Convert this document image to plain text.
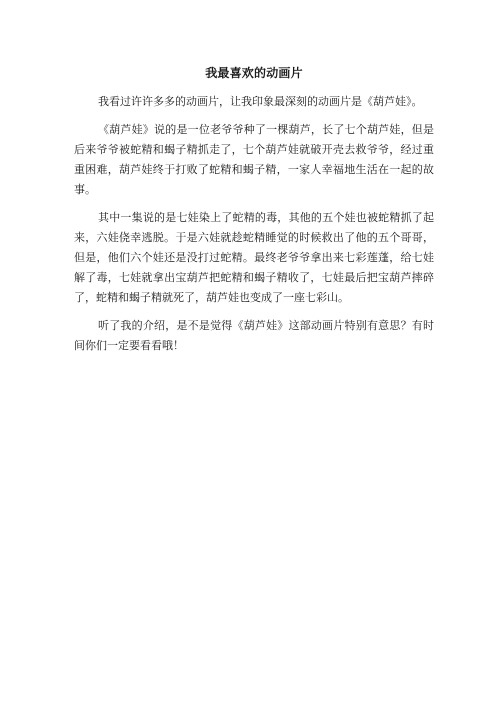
我最喜欢的动画片

我看过许许多多的动画片，让我印象最深刻的动画片是《葫芦娃》。

《葫芦娃》说的是一位老爷爷种了一棵葫芦，长了七个葫芦娃，但是后来爷爷被蛇精和蝎子精抓走了，七个葫芦娃就破开壳去救爷爷，经过重重困难，葫芦娃终于打败了蛇精和蝎子精，一家人幸福地生活在一起的故事。

其中一集说的是七娃染上了蛇精的毒，其他的五个娃也被蛇精抓了起来，六娃侥幸逃脱。于是六娃就趁蛇精睡觉的时候救出了他的五个哥哥，但是，他们六个娃还是没打过蛇精。最终老爷爷拿出来七彩莲蓬，给七娃解了毒，七娃就拿出宝葫芦把蛇精和蝎子精收了，七娃最后把宝葫芦摔碎了，蛇精和蝎子精就死了，葫芦娃也变成了一座七彩山。

听了我的介绍，是不是觉得《葫芦娃》这部动画片特别有意思？有时间你们一定要看看哦！
